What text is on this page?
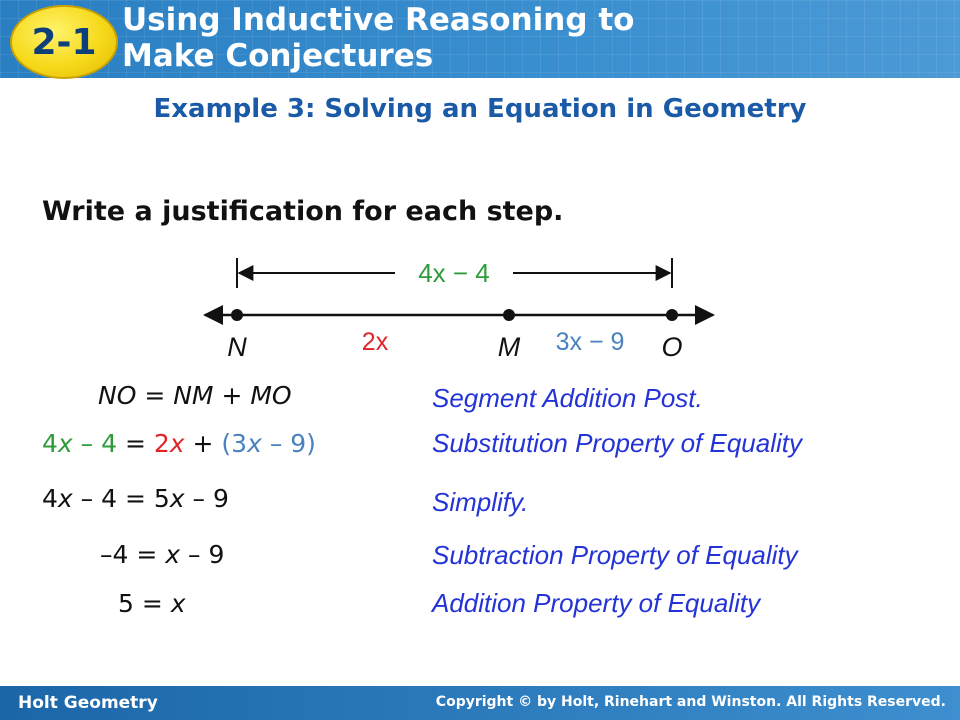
2-1
Using Inductive Reasoning to
Make Conjectures
Example 3: Solving an Equation in Geometry
Write a justification for each step.
4x − 4
N	M	O
2x	3x − 9
NO = NM + MO	Segment Addition Post.
4x – 4 = 2x + (3x – 9)	Substitution Property of Equality
4x – 4 = 5x – 9	Simplify.
–4 = x – 9	Subtraction Property of Equality
5 = x	Addition Property of Equality
Holt Geometry	Copyright © by Holt, Rinehart and Winston. All Rights Reserved.
